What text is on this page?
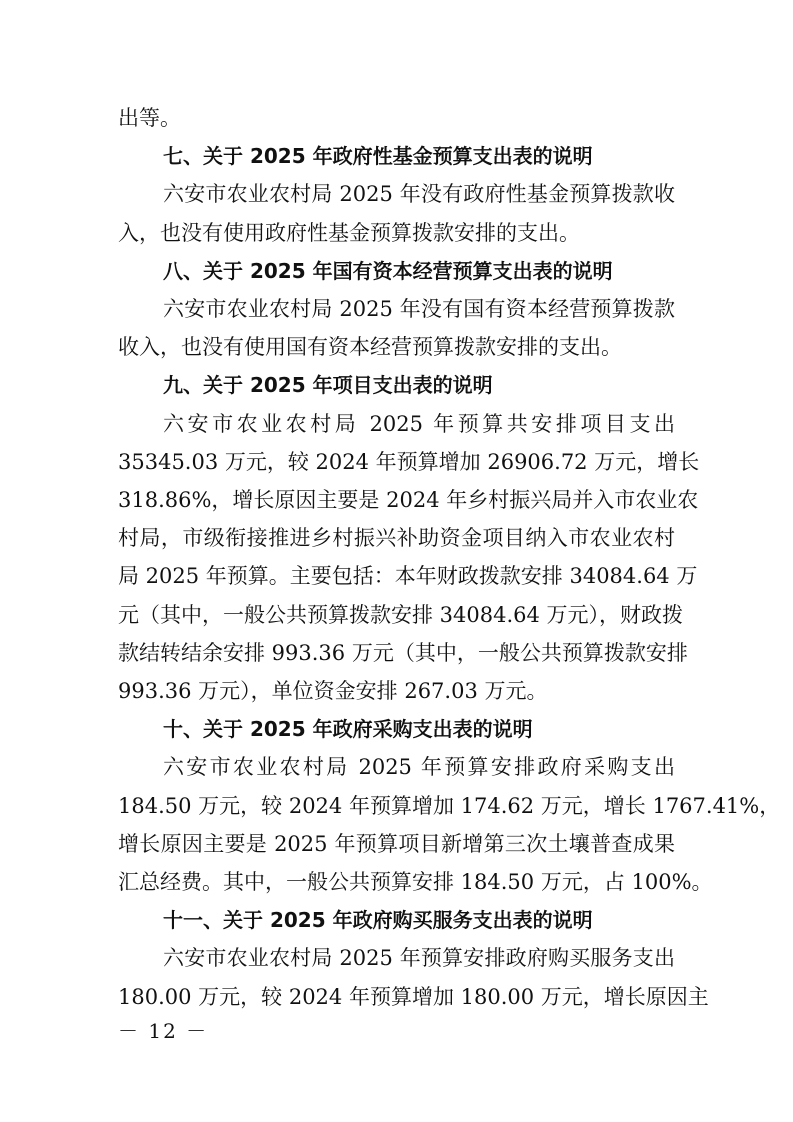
出等。
七、关于 2025 年政府性基金预算支出表的说明
六安市农业农村局 2025 年没有政府性基金预算拨款收
入，也没有使用政府性基金预算拨款安排的支出。
八、关于 2025 年国有资本经营预算支出表的说明
六安市农业农村局 2025 年没有国有资本经营预算拨款
收入，也没有使用国有资本经营预算拨款安排的支出。
九、关于 2025 年项目支出表的说明
六安市农业农村局 2025 年预算共安排项目支出
35345.03 万元，较 2024 年预算增加 26906.72 万元，增长
318.86%，增长原因主要是 2024 年乡村振兴局并入市农业农
村局，市级衔接推进乡村振兴补助资金项目纳入市农业农村
局 2025 年预算。主要包括：本年财政拨款安排 34084.64 万
元（其中，一般公共预算拨款安排 34084.64 万元），财政拨
款结转结余安排 993.36 万元（其中，一般公共预算拨款安排
993.36 万元），单位资金安排 267.03 万元。
十、关于 2025 年政府采购支出表的说明
六安市农业农村局 2025 年预算安排政府采购支出
184.50 万元，较 2024 年预算增加 174.62 万元，增长 1767.41%，
增长原因主要是 2025 年预算项目新增第三次土壤普查成果
汇总经费。其中，一般公共预算安排 184.50 万元，占 100%。
十一、关于 2025 年政府购买服务支出表的说明
六安市农业农村局 2025 年预算安排政府购买服务支出
180.00 万元，较 2024 年预算增加 180.00 万元，增长原因主
－ 12 －
